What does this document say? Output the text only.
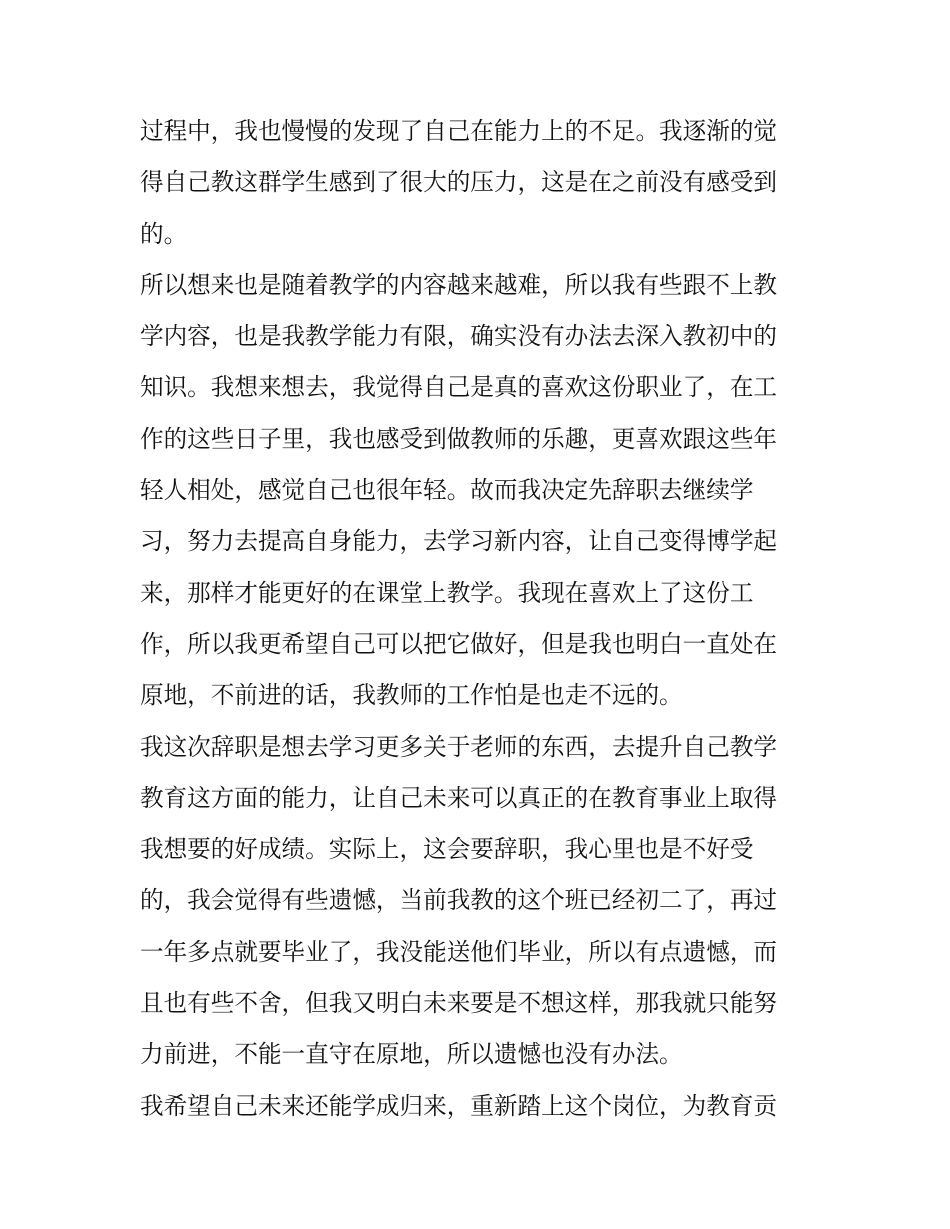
过程中，我也慢慢的发现了自己在能力上的不足。我逐渐的觉
得自己教这群学生感到了很大的压力，这是在之前没有感受到
的。
所以想来也是随着教学的内容越来越难，所以我有些跟不上教
学内容，也是我教学能力有限，确实没有办法去深入教初中的
知识。我想来想去，我觉得自己是真的喜欢这份职业了，在工
作的这些日子里，我也感受到做教师的乐趣，更喜欢跟这些年
轻人相处，感觉自己也很年轻。故而我决定先辞职去继续学
习，努力去提高自身能力，去学习新内容，让自己变得博学起
来，那样才能更好的在课堂上教学。我现在喜欢上了这份工
作，所以我更希望自己可以把它做好，但是我也明白一直处在
原地，不前进的话，我教师的工作怕是也走不远的。
我这次辞职是想去学习更多关于老师的东西，去提升自己教学
教育这方面的能力，让自己未来可以真正的在教育事业上取得
我想要的好成绩。实际上，这会要辞职，我心里也是不好受
的，我会觉得有些遗憾，当前我教的这个班已经初二了，再过
一年多点就要毕业了，我没能送他们毕业，所以有点遗憾，而
且也有些不舍，但我又明白未来要是不想这样，那我就只能努
力前进，不能一直守在原地，所以遗憾也没有办法。
我希望自己未来还能学成归来，重新踏上这个岗位，为教育贡
